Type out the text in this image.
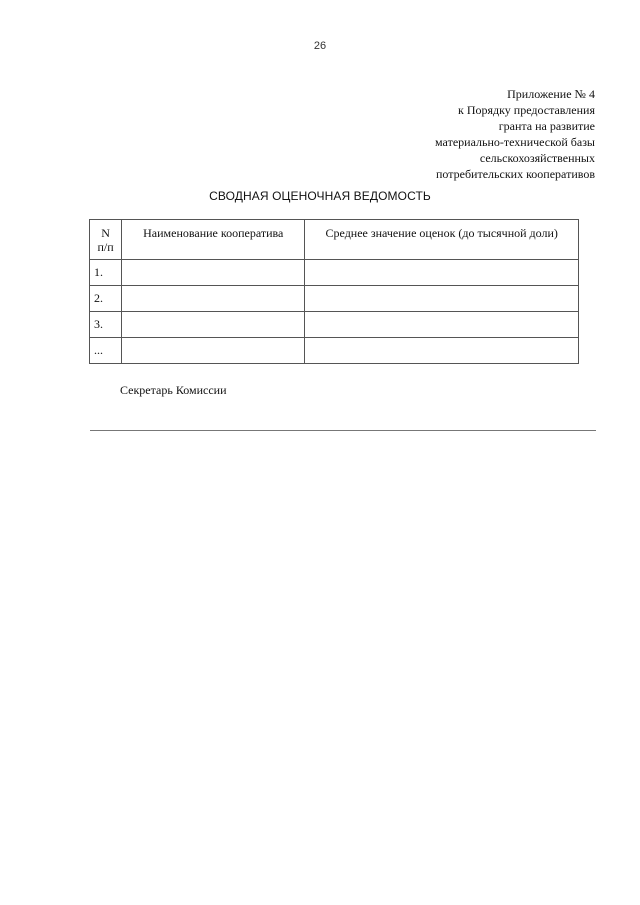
26
Приложение № 4
к Порядку предоставления
гранта на развитие
материально-технической базы
сельскохозяйственных
потребительских кооперативов
СВОДНАЯ ОЦЕНОЧНАЯ ВЕДОМОСТЬ
N
п/п	Наименование кооператива	Среднее значение оценок (до тысячной доли)
1.		
2.		
3.		
...		
Секретарь Комиссии
